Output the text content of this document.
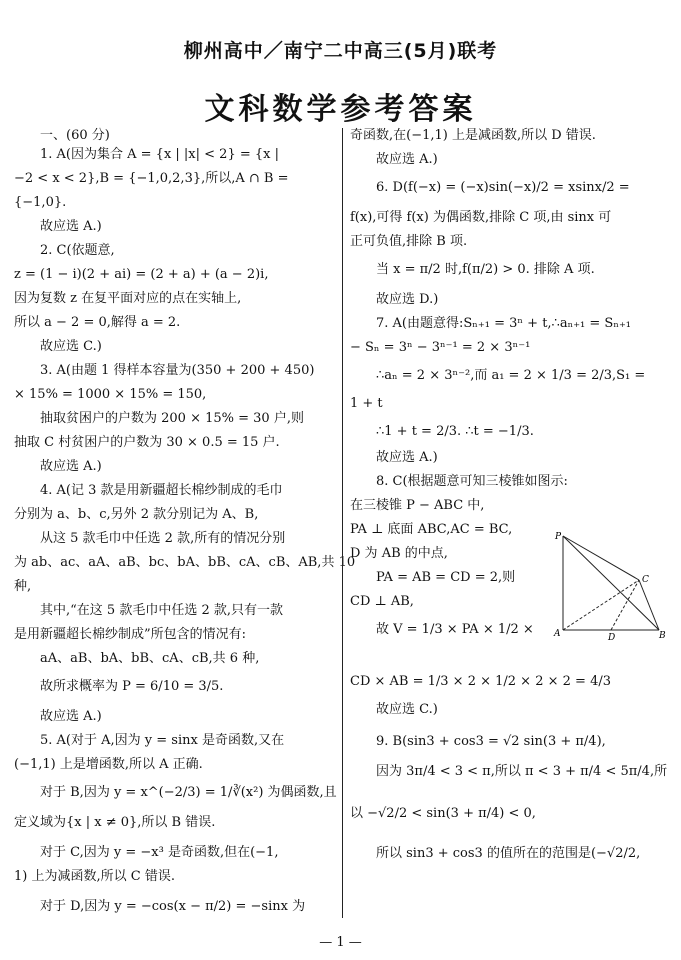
柳州高中／南宁二中高三(5月)联考
文科数学参考答案
一、(60 分)
1. A(因为集合 A = {x | |x| < 2} = {x |
−2 < x < 2},B = {−1,0,2,3},所以,A ∩ B =
{−1,0}.
故应选 A.)
2. C(依题意,
z = (1 − i)(2 + ai) = (2 + a) + (a − 2)i,
因为复数 z 在复平面对应的点在实轴上,
所以 a − 2 = 0,解得 a = 2.
故应选 C.)
3. A(由题 1 得样本容量为(350 + 200 + 450)
× 15% = 1000 × 15% = 150,
抽取贫困户的户数为 200 × 15% = 30 户,则
抽取 C 村贫困户的户数为 30 × 0.5 = 15 户.
故应选 A.)
4. A(记 3 款是用新疆超长棉纱制成的毛巾
分别为 a、b、c,另外 2 款分别记为 A、B,
从这 5 款毛巾中任选 2 款,所有的情况分别
为 ab、ac、aA、aB、bc、bA、bB、cA、cB、AB,共 10
种,
其中,“在这 5 款毛巾中任选 2 款,只有一款
是用新疆超长棉纱制成”所包含的情况有:
aA、aB、bA、bB、cA、cB,共 6 种,
故所求概率为 P = 6/10 = 3/5.
故应选 A.)
5. A(对于 A,因为 y = sinx 是奇函数,又在
(−1,1) 上是增函数,所以 A 正确.
对于 B,因为 y = x^(−2/3) = 1/∛(x²) 为偶函数,且
定义域为{x | x ≠ 0},所以 B 错误.
对于 C,因为 y = −x³ 是奇函数,但在(−1,
1) 上为减函数,所以 C 错误.
对于 D,因为 y = −cos(x − π/2) = −sinx 为
奇函数,在(−1,1) 上是减函数,所以 D 错误.
故应选 A.)
6. D(f(−x) = (−x)sin(−x)/2 = xsinx/2 =
f(x),可得 f(x) 为偶函数,排除 C 项,由 sinx 可
正可负值,排除 B 项.
当 x = π/2 时,f(π/2) > 0. 排除 A 项.
故应选 D.)
7. A(由题意得:Sₙ₊₁ = 3ⁿ + t,∴aₙ₊₁ = Sₙ₊₁
− Sₙ = 3ⁿ − 3ⁿ⁻¹ = 2 × 3ⁿ⁻¹
∴aₙ = 2 × 3ⁿ⁻²,而 a₁ = 2 × 1/3 = 2/3,S₁ =
1 + t
∴1 + t = 2/3. ∴t = −1/3.
故应选 A.)
8. C(根据题意可知三棱锥如图示:
在三棱锥 P − ABC 中,
PA ⊥ 底面 ABC,AC = BC,
D 为 AB 的中点,
PA = AB = CD = 2,则
CD ⊥ AB,
故 V = 1/3 × PA × 1/2 ×
CD × AB = 1/3 × 2 × 1/2 × 2 × 2 = 4/3
故应选 C.)
9. B(sin3 + cos3 = √2 sin(3 + π/4),
因为 3π/4 < 3 < π,所以 π < 3 + π/4 < 5π/4,所
以 −√2/2 < sin(3 + π/4) < 0,
所以 sin3 + cos3 的值所在的范围是(−√2/2,
P
A	D	B
C
— 1 —
